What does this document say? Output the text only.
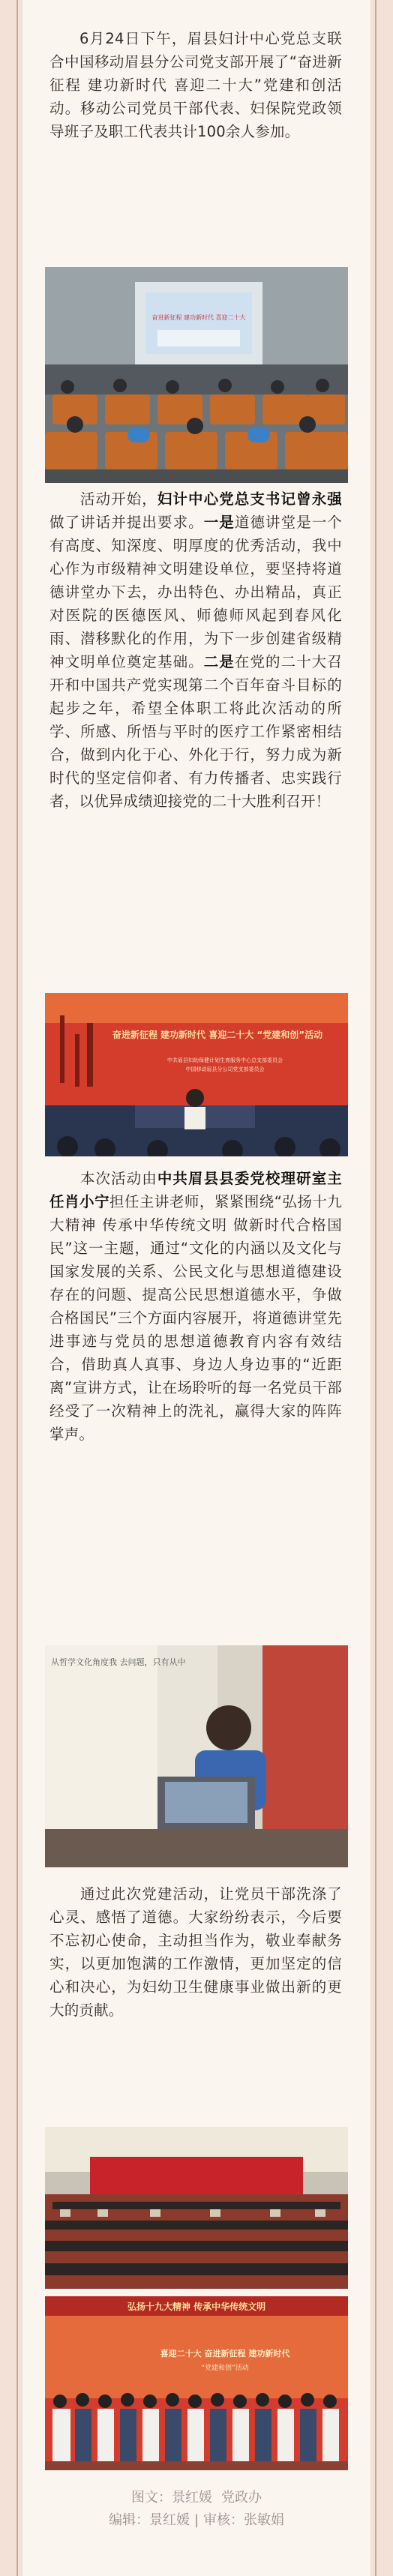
6月24日下午，眉县妇计中心党总支联合中国移动眉县分公司党支部开展了“奋进新征程 建功新时代 喜迎二十大”党建和创活动。移动公司党员干部代表、妇保院党政领导班子及职工代表共计100余人参加。
奋进新征程 建功新时代 喜迎二十大
活动开始，妇计中心党总支书记曾永强做了讲话并提出要求。一是道德讲堂是一个有高度、知深度、明厚度的优秀活动，我中心作为市级精神文明建设单位，要坚持将道德讲堂办下去，办出特色、办出精品，真正对医院的医德医风、师德师风起到春风化雨、潜移默化的作用，为下一步创建省级精神文明单位奠定基础。二是在党的二十大召开和中国共产党实现第二个百年奋斗目标的起步之年，希望全体职工将此次活动的所学、所感、所悟与平时的医疗工作紧密相结合，做到内化于心、外化于行，努力成为新时代的坚定信仰者、有力传播者、忠实践行者，以优异成绩迎接党的二十大胜利召开！
奋进新征程 建功新时代 喜迎二十大 “党建和创”活动
中共眉县妇幼保健计划生育服务中心总支部委员会
中国移动眉县分公司党支部委员会
本次活动由中共眉县县委党校理研室主任肖小宁担任主讲老师，紧紧围绕“弘扬十九大精神 传承中华传统文明 做新时代合格国民”这一主题，通过“文化的内涵以及文化与国家发展的关系、公民文化与思想道德建设存在的问题、提高公民思想道德水平，争做合格国民”三个方面内容展开，将道德讲堂先进事迹与党员的思想道德教育内容有效结合，借助真人真事、身边人身边事的“近距离”宣讲方式，让在场聆听的每一名党员干部经受了一次精神上的洗礼，赢得大家的阵阵掌声。
从哲学文化角度我 去问题，只有从中
通过此次党建活动，让党员干部洗涤了心灵、感悟了道德。大家纷纷表示，今后要不忘初心使命，主动担当作为，敬业奉献务实，以更加饱满的工作激情，更加坚定的信心和决心，为妇幼卫生健康事业做出新的更大的贡献。
弘扬十九大精神 传承中华传统文明
喜迎二十大 奋进新征程 建功新时代
“党建和创”活动
图文：景红媛 党政办
编辑：景红媛 | 审核：张敏娟
